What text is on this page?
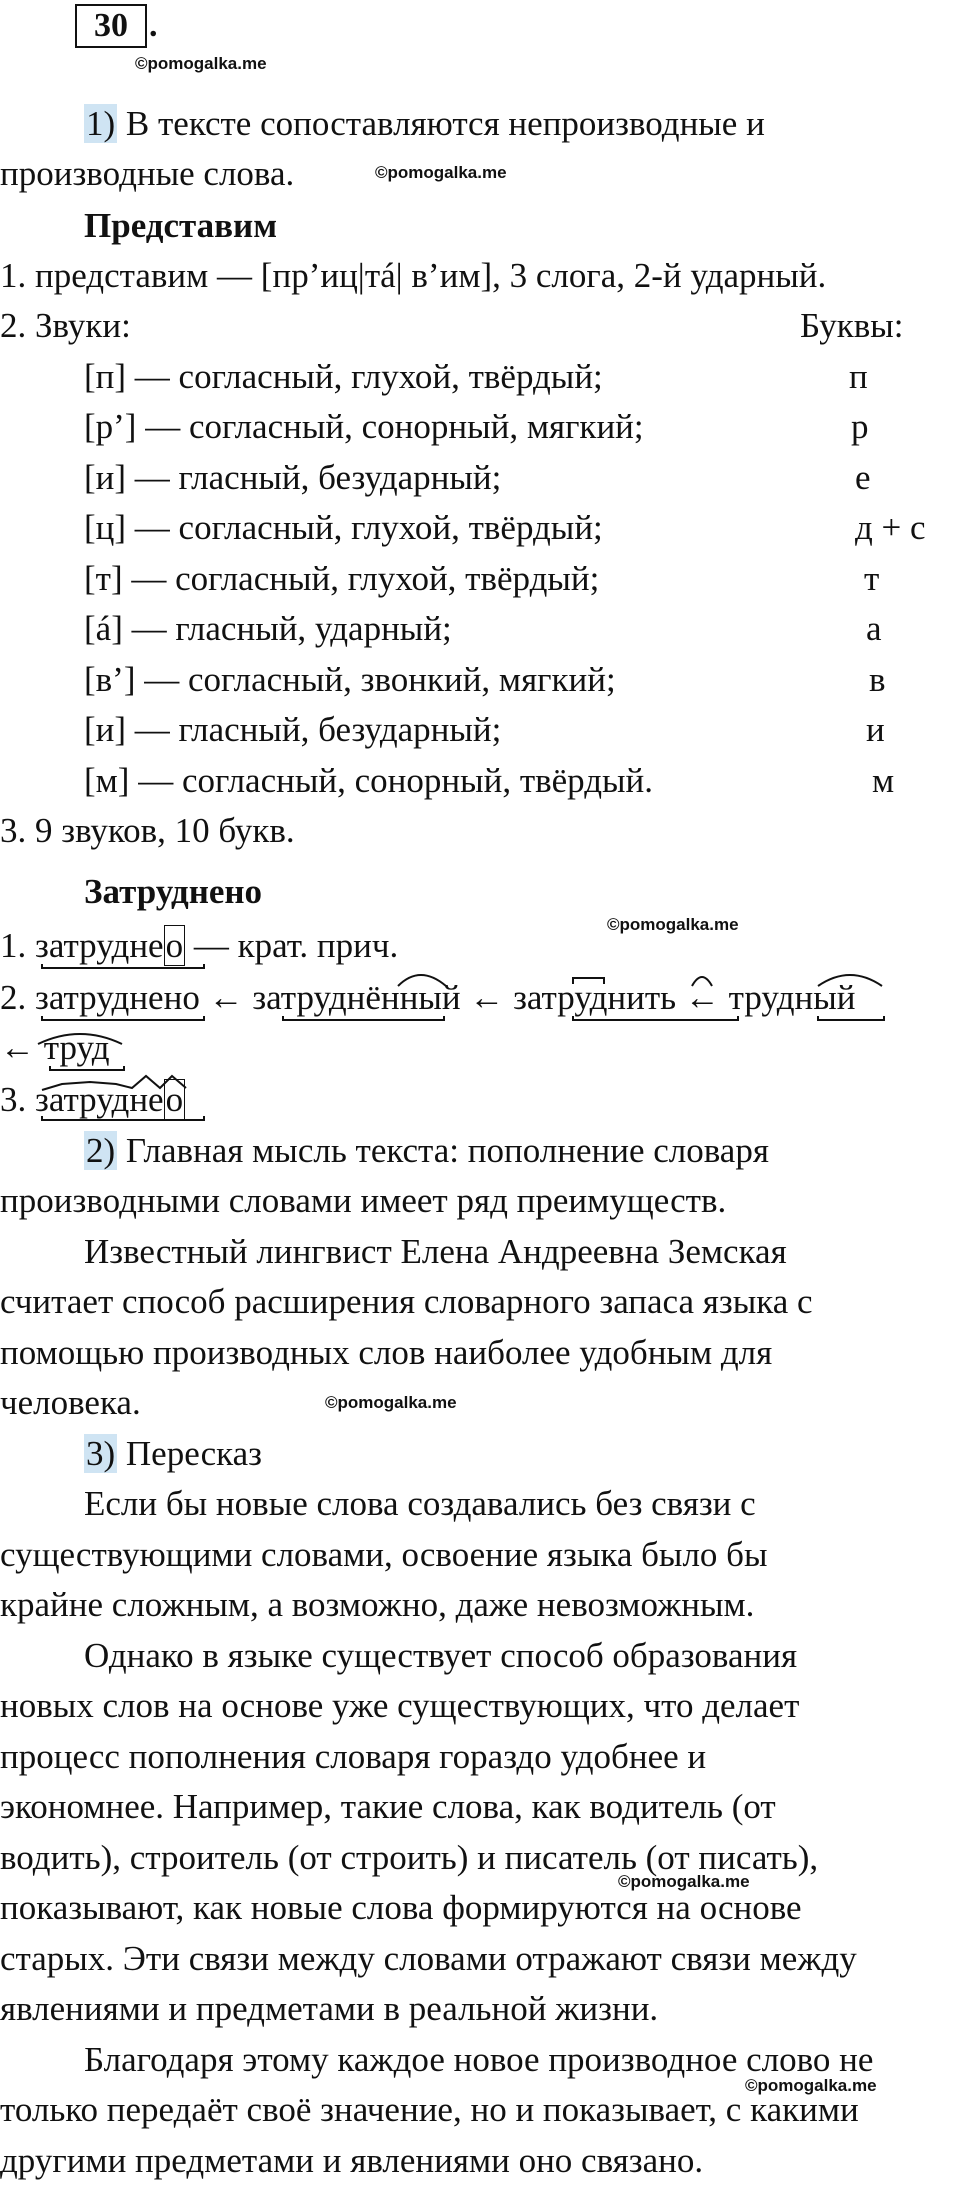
30 .
©pomogalka.me
1) В тексте сопоставляются непроизводные и
производные слова.	©pomogalka.me
Представим
1. представим — [пр’иц|тá| в’им], 3 слога, 2-й ударный.
2. Звуки:	Буквы:
[п] — согласный, глухой, твёрдый;	п
[р’] — согласный, сонорный, мягкий;	р
[и] — гласный, безударный;	е
[ц] — согласный, глухой, твёрдый;	д + с
[т] — согласный, глухой, твёрдый;	т
[á] — гласный, ударный;	а
[в’] — согласный, звонкий, мягкий;	в
[и] — гласный, безударный;	и
[м] — согласный, сонорный, твёрдый.	м
3. 9 звуков, 10 букв.
Затруднено
©pomogalka.me
1. затруднео — крат. прич.
2. затруднено ← затруднённый ← затруднить ← трудный
← труд
3. затруднео
2) Главная мысль текста: пополнение словаря
производными словами имеет ряд преимуществ.
Известный лингвист Елена Андреевна Земская
считает способ расширения словарного запаса языка с
помощью производных слов наиболее удобным для
человека.	©pomogalka.me
3) Пересказ
Если бы новые слова создавались без связи с
существующими словами, освоение языка было бы
крайне сложным, а возможно, даже невозможным.
Однако в языке существует способ образования
новых слов на основе уже существующих, что делает
процесс пополнения словаря гораздо удобнее и
экономнее. Например, такие слова, как водитель (от
водить), строитель (от строить) и писатель (от писать),
©pomogalka.me
показывают, как новые слова формируются на основе
старых. Эти связи между словами отражают связи между
явлениями и предметами в реальной жизни.
Благодаря этому каждое новое производное слово не
©pomogalka.me
только передаёт своё значение, но и показывает, с какими
другими предметами и явлениями оно связано.
